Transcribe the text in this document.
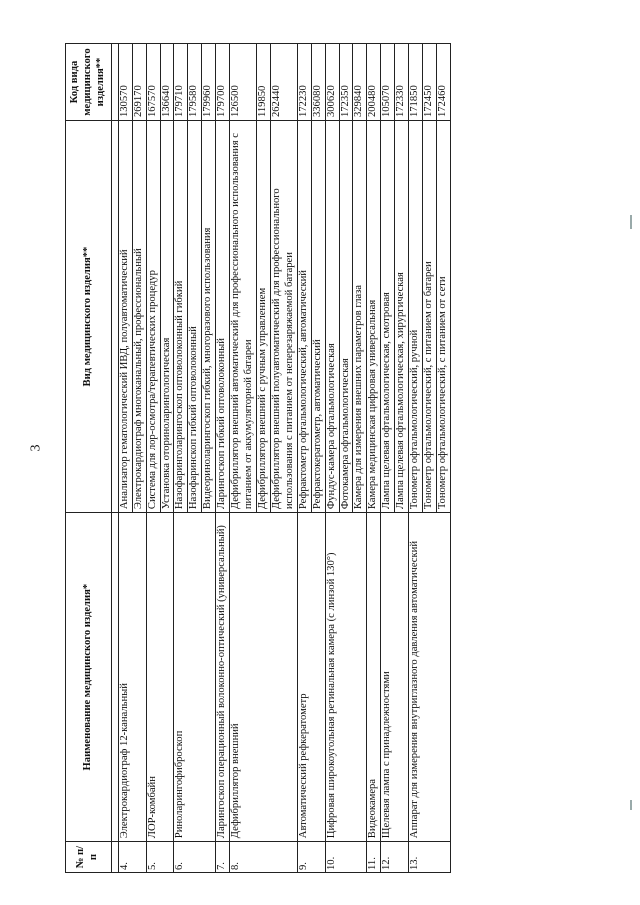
3
№ п/п	Наименование медицинского изделия*	Вид медицинского изделия**	Код вида медицинского изделия**

4.	Электрокардиограф 12-канальный	Анализатор гематологический ИВД, полуавтоматический	130570
		Электрокардиограф многоканальный, профессиональный	269170
5.	ЛОР-комбайн	Система для лор-осмотра/терапевтических процедур	167570
		Установка оториноларингологическая	136640
6.	Риноларингофиброскоп	Назофаринголарингоскоп оптоволоконный гибкий	179710
		Назофаринскоп гибкий оптоволоконный	179580
		Видеориноларингоскоп гибкий, многоразового использования	179960
7.	Ларингоскоп операционный волоконно-оптический (универсальный)	Ларингоскоп гибкий оптоволоконный	179700
8.	Дефибриллятор внешний	Дефибриллятор внешний автоматический для профессионального использования с питанием от аккумуляторной батареи	126500
		Дефибриллятор внешний с ручным управлением	119850
		Дефибриллятор внешний полуавтоматический для профессионального использования с питанием от неперезаряжаемой батареи	262440
9.	Автоматический рефкератометр	Рефрактометр офтальмологический, автоматический	172230
		Рефрактокератометр, автоматический	336080
10.	Цифровая широкоугольная ретинальная камера (с линзой 130°)	Фундус-камера офтальмологическая	300620
		Фотокамера офтальмологическая	172350
		Камера для измерения внешних параметров глаза	329840
11.	Видеокамера	Камера медицинская цифровая универсальная	200480
12.	Щелевая лампа с принадлежностями	Лампа щелевая офтальмологическая, смотровая	105070
		Лампа щелевая офтальмологическая, хирургическая	172330
13.	Аппарат для измерения внутриглазного давления автоматический	Тонометр офтальмологический, ручной	171850
		Тонометр офтальмологический, с питанием от батареи	172450
		Тонометр офтальмологический, с питанием от сети	172460
